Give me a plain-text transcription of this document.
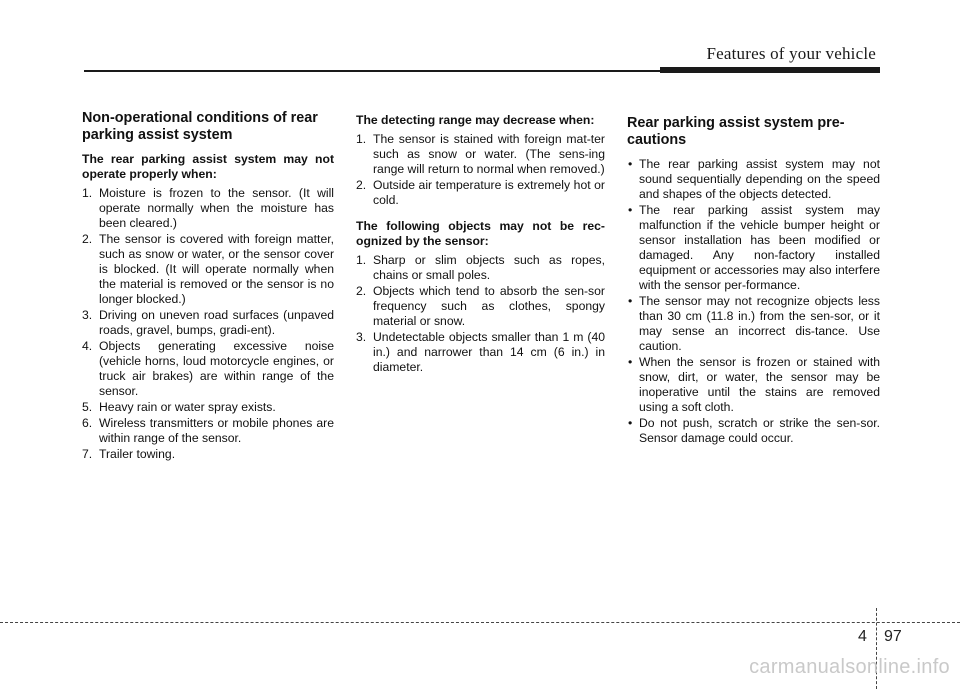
Features of your vehicle
Non-operational conditions of rear parking assist system
The rear parking assist system may not operate properly when:
1. Moisture is frozen to the sensor. (It will operate normally when the moisture has been cleared.)
2. The sensor is covered with foreign matter, such as snow or water, or the sensor cover is blocked. (It will operate normally when the material is removed or the sensor is no longer blocked.)
3. Driving on uneven road surfaces (unpaved roads, gravel, bumps, gradi-ent).
4. Objects generating excessive noise (vehicle horns, loud motorcycle engines, or truck air brakes) are within range of the sensor.
5. Heavy rain or water spray exists.
6. Wireless transmitters or mobile phones are within range of the sensor.
7. Trailer towing.
The detecting range may decrease when:
1. The sensor is stained with foreign mat-ter such as snow or water. (The sens-ing range will return to normal when removed.)
2. Outside air temperature is extremely hot or cold.
The following objects may not be rec-ognized by the sensor:
1. Sharp or slim objects such as ropes, chains or small poles.
2. Objects which tend to absorb the sen-sor frequency such as clothes, spongy material or snow.
3. Undetectable objects smaller than 1 m (40 in.) and narrower than 14 cm (6 in.) in diameter.
Rear parking assist system pre-cautions
• The rear parking assist system may not sound sequentially depending on the speed and shapes of the objects detected.
• The rear parking assist system may malfunction if the vehicle bumper height or sensor installation has been modified or damaged. Any non-factory installed equipment or accessories may also interfere with the sensor per-formance.
• The sensor may not recognize objects less than 30 cm (11.8 in.) from the sen-sor, or it may sense an incorrect dis-tance. Use caution.
• When the sensor is frozen or stained with snow, dirt, or water, the sensor may be inoperative until the stains are removed using a soft cloth.
• Do not push, scratch or strike the sen-sor. Sensor damage could occur.
4 97
carmanualsonline.info
